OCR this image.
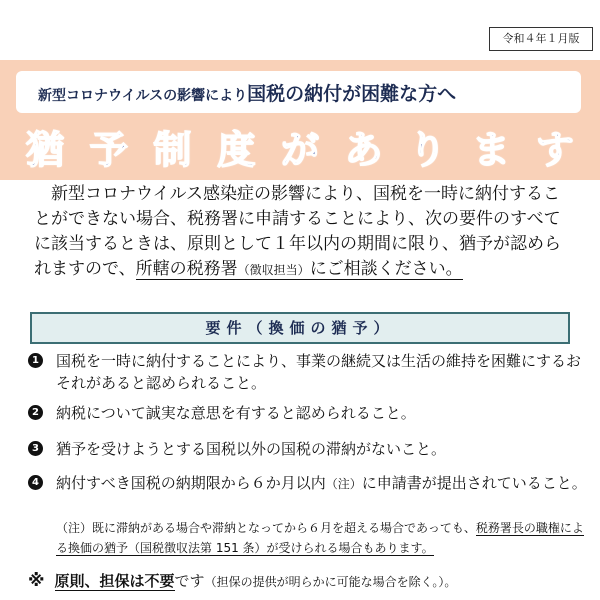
令和４年１月版
新型コロナウイルスの影響により 国税の納付が困難な方へ
猶 予 制 度 が あ り ま す
　新型コロナウイルス感染症の影響により、国税を一時に納付することができない場合、税務署に申請することにより、次の要件のすべてに該当するときは、原則として１年以内の期間に限り、猶予が認められますので、所轄の税務署（徴収担当）にご相談ください。
要件（換価の猶予）
1 国税を一時に納付することにより、事業の継続又は生活の維持を困難にするおそれがあると認められること。
2 納税について誠実な意思を有すると認められること。
3 猶予を受けようとする国税以外の国税の滞納がないこと。
4 納付すべき国税の納期限から６か月以内（注）に申請書が提出されていること。
（注）既に滞納がある場合や滞納となってから６月を超える場合であっても、税務署長の職権による換価の猶予（国税徴収法第 151 条）が受けられる場合もあります。
※ 原則、担保は不要です（担保の提供が明らかに可能な場合を除く。）。
